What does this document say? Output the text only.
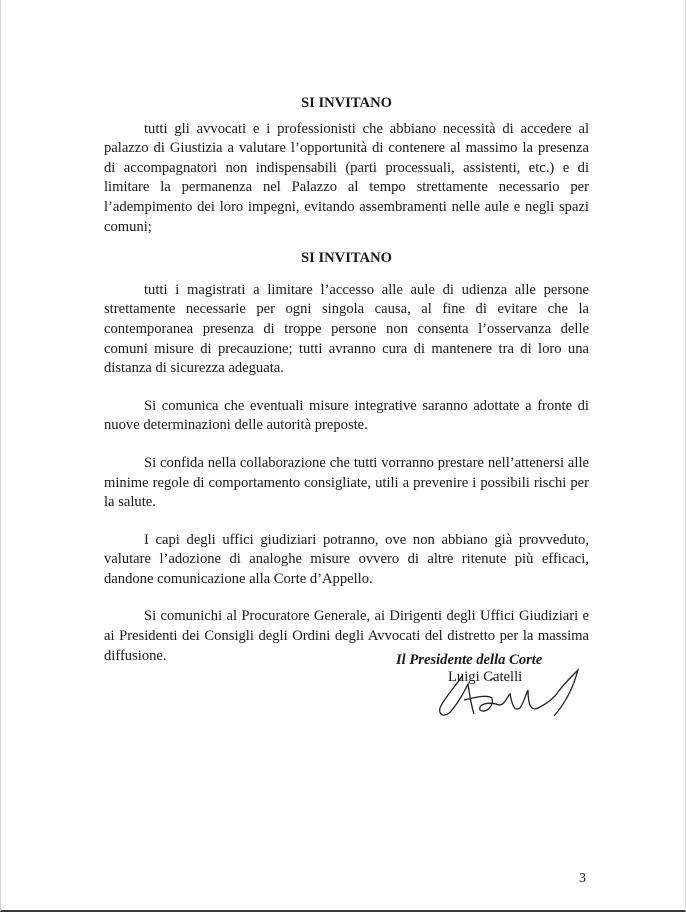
SI INVITANO

tutti gli avvocati e i professionisti che abbiano necessità di accedere al palazzo di Giustizia a valutare l’opportunità di contenere al massimo la presenza di accompagnatori non indispensabili (parti processuali, assistenti, etc.) e di limitare la permanenza nel Palazzo al tempo strettamente necessario per l’adempimento dei loro impegni, evitando assembramenti nelle aule e negli spazi comuni;

SI INVITANO

tutti i magistrati a limitare l’accesso alle aule di udienza alle persone strettamente necessarie per ogni singola causa, al fine di evitare che la contemporanea presenza di troppe persone non consenta l’osservanza delle comuni misure di precauzione; tutti avranno cura di mantenere tra di loro una distanza di sicurezza adeguata.

Si comunica che eventuali misure integrative saranno adottate a fronte di nuove determinazioni delle autorità preposte.

Si confida nella collaborazione che tutti vorranno prestare nell’attenersi alle minime regole di comportamento consigliate, utili a prevenire i possibili rischi per la salute.

I capi degli uffici giudiziari potranno, ove non abbiano già provveduto, valutare l’adozione di analoghe misure ovvero di altre ritenute più efficaci, dandone comunicazione alla Corte d’Appello.

Si comunichi al Procuratore Generale, ai Dirigenti degli Uffici Giudiziari e ai Presidenti dei Consigli degli Ordini degli Avvocati del distretto per la massima diffusione.	Il Presidente della Corte
Luigi Catelli
3
